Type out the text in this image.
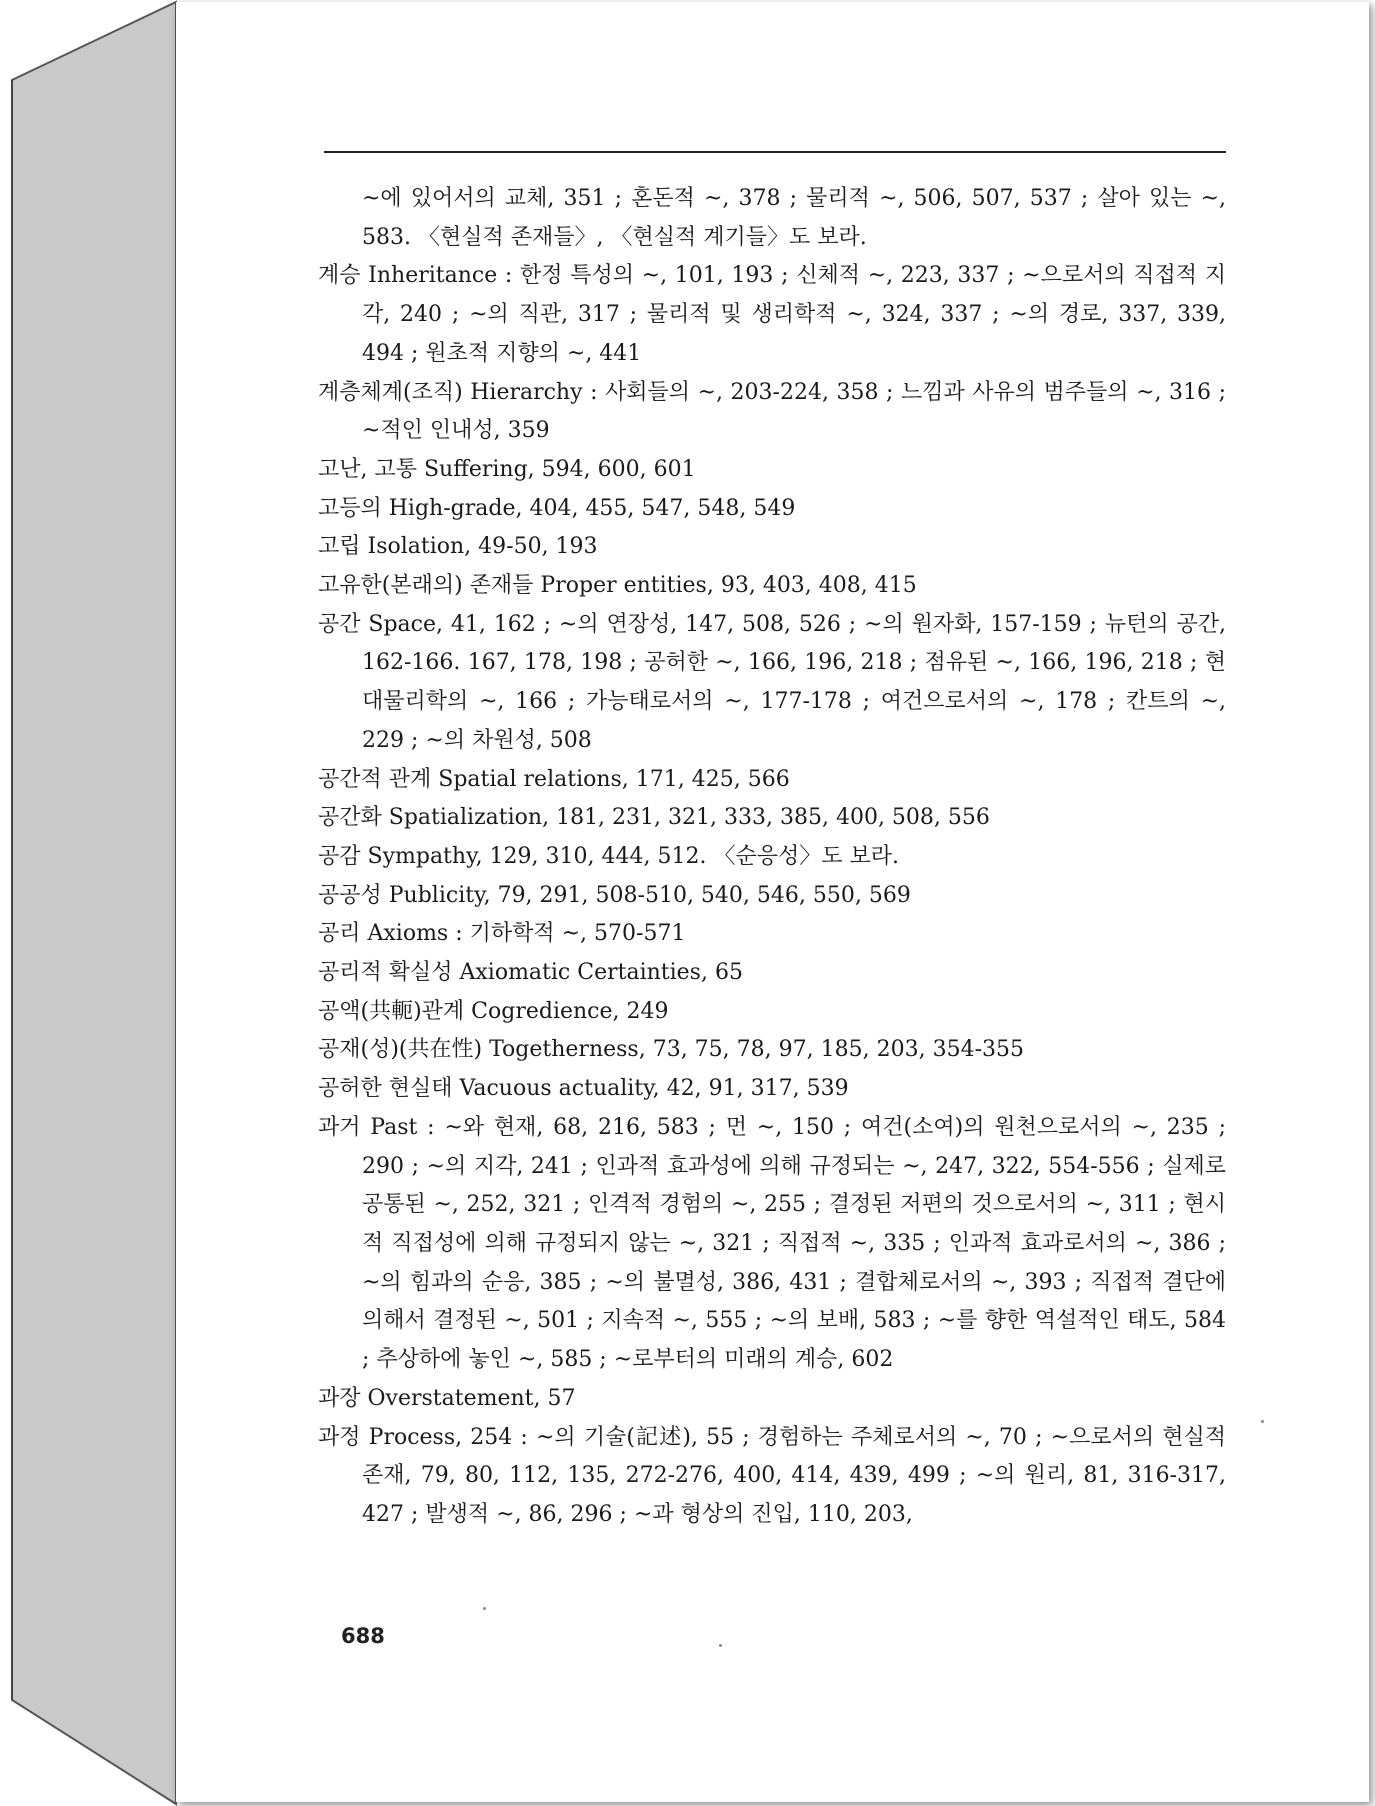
~에 있어서의 교체, 351 ; 혼돈적 ~, 378 ; 물리적 ~, 506, 507, 537 ; 살아 있는 ~, 583. 〈현실적 존재들〉, 〈현실적 계기들〉도 보라.

계승 Inheritance : 한정 특성의 ~, 101, 193 ; 신체적 ~, 223, 337 ; ~으로서의 직접적 지각, 240 ; ~의 직관, 317 ; 물리적 및 생리학적 ~, 324, 337 ; ~의 경로, 337, 339, 494 ; 원초적 지향의 ~, 441

계층체계(조직) Hierarchy : 사회들의 ~, 203-224, 358 ; 느낌과 사유의 범주들의 ~, 316 ; ~적인 인내성, 359

고난, 고통 Suffering, 594, 600, 601

고등의 High-grade, 404, 455, 547, 548, 549

고립 Isolation, 49-50, 193

고유한(본래의) 존재들 Proper entities, 93, 403, 408, 415

공간 Space, 41, 162 ; ~의 연장성, 147, 508, 526 ; ~의 원자화, 157-159 ; 뉴턴의 공간, 162-166. 167, 178, 198 ; 공허한 ~, 166, 196, 218 ; 점유된 ~, 166, 196, 218 ; 현대물리학의 ~, 166 ; 가능태로서의 ~, 177-178 ; 여건으로서의 ~, 178 ; 칸트의 ~, 229 ; ~의 차원성, 508

공간적 관계 Spatial relations, 171, 425, 566

공간화 Spatialization, 181, 231, 321, 333, 385, 400, 508, 556

공감 Sympathy, 129, 310, 444, 512. 〈순응성〉도 보라.

공공성 Publicity, 79, 291, 508-510, 540, 546, 550, 569

공리 Axioms : 기하학적 ~, 570-571

공리적 확실성 Axiomatic Certainties, 65

공액(共軛)관계 Cogredience, 249

공재(성)(共在性) Togetherness, 73, 75, 78, 97, 185, 203, 354-355

공허한 현실태 Vacuous actuality, 42, 91, 317, 539

과거 Past : ~와 현재, 68, 216, 583 ; 먼 ~, 150 ; 여건(소여)의 원천으로서의 ~, 235 ; 290 ; ~의 지각, 241 ; 인과적 효과성에 의해 규정되는 ~, 247, 322, 554-556 ; 실제로 공통된 ~, 252, 321 ; 인격적 경험의 ~, 255 ; 결정된 저편의 것으로서의 ~, 311 ; 현시적 직접성에 의해 규정되지 않는 ~, 321 ; 직접적 ~, 335 ; 인과적 효과로서의 ~, 386 ; ~의 힘과의 순응, 385 ; ~의 불멸성, 386, 431 ; 결합체로서의 ~, 393 ; 직접적 결단에 의해서 결정된 ~, 501 ; 지속적 ~, 555 ; ~의 보배, 583 ; ~를 향한 역설적인 태도, 584 ; 추상하에 놓인 ~, 585 ; ~로부터의 미래의 계승, 602

과장 Overstatement, 57

과정 Process, 254 : ~의 기술(記述), 55 ; 경험하는 주체로서의 ~, 70 ; ~으로서의 현실적 존재, 79, 80, 112, 135, 272-276, 400, 414, 439, 499 ; ~의 원리, 81, 316-317, 427 ; 발생적 ~, 86, 296 ; ~과 형상의 진입, 110, 203,

688
